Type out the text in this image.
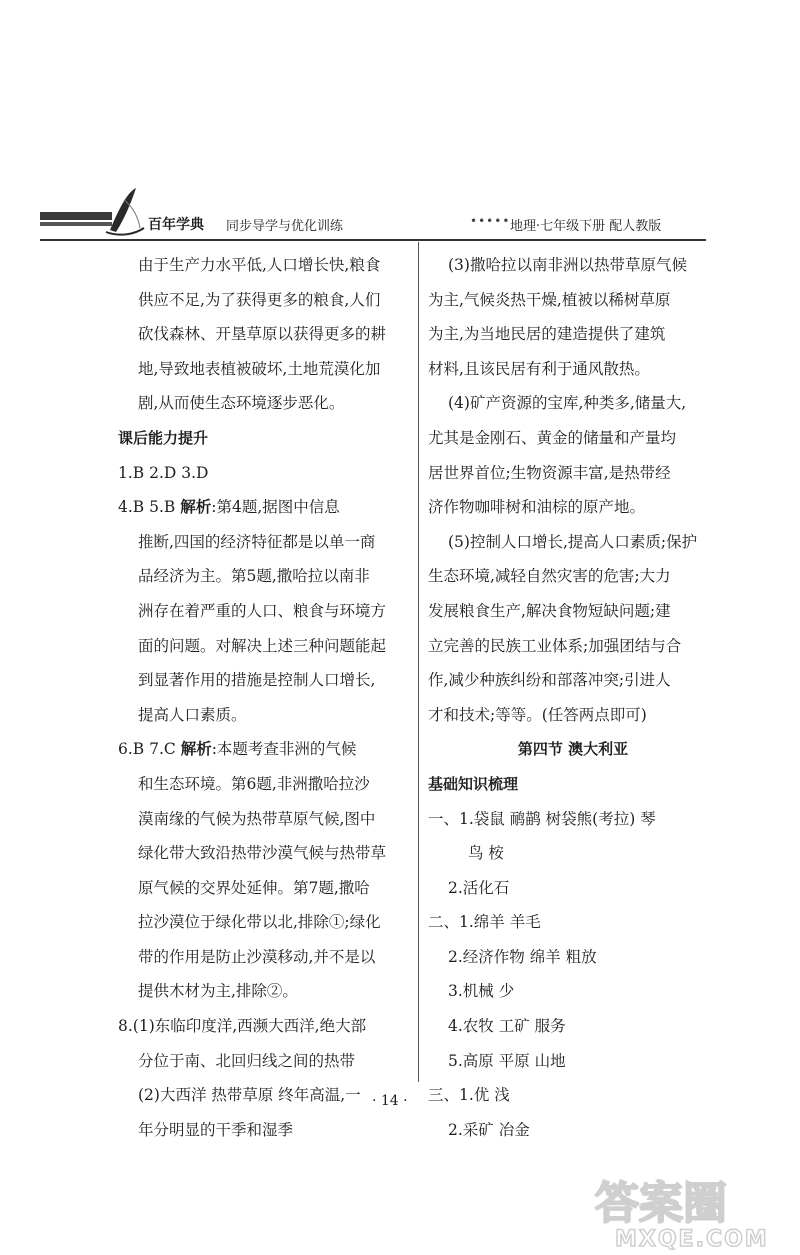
百年学典 同步导学与优化训练	••••• 地理·七年级下册 配人教版
由于生产力水平低,人口增长快,粮食
供应不足,为了获得更多的粮食,人们
砍伐森林、开垦草原以获得更多的耕
地,导致地表植被破坏,土地荒漠化加
剧,从而使生态环境逐步恶化。
课后能力提升
1.B 2.D 3.D
4.B 5.B 解析:第4题,据图中信息
推断,四国的经济特征都是以单一商
品经济为主。第5题,撒哈拉以南非
洲存在着严重的人口、粮食与环境方
面的问题。对解决上述三种问题能起
到显著作用的措施是控制人口增长,
提高人口素质。
6.B 7.C 解析:本题考查非洲的气候
和生态环境。第6题,非洲撒哈拉沙
漠南缘的气候为热带草原气候,图中
绿化带大致沿热带沙漠气候与热带草
原气候的交界处延伸。第7题,撒哈
拉沙漠位于绿化带以北,排除①;绿化
带的作用是防止沙漠移动,并不是以
提供木材为主,排除②。
8.(1)东临印度洋,西濒大西洋,绝大部
分位于南、北回归线之间的热带
(2)大西洋 热带草原 终年高温,一
年分明显的干季和湿季
(3)撒哈拉以南非洲以热带草原气候
为主,气候炎热干燥,植被以稀树草原
为主,为当地民居的建造提供了建筑
材料,且该民居有利于通风散热。
(4)矿产资源的宝库,种类多,储量大,
尤其是金刚石、黄金的储量和产量均
居世界首位;生物资源丰富,是热带经
济作物咖啡树和油棕的原产地。
(5)控制人口增长,提高人口素质;保护
生态环境,减轻自然灾害的危害;大力
发展粮食生产,解决食物短缺问题;建
立完善的民族工业体系;加强团结与合
作,减少种族纠纷和部落冲突;引进人
才和技术;等等。(任答两点即可)
第四节 澳大利亚
基础知识梳理
一、1.袋鼠 鸸鹋 树袋熊(考拉) 琴
鸟 桉
2.活化石
二、1.绵羊 羊毛
2.经济作物 绵羊 粗放
3.机械 少
4.农牧 工矿 服务
5.高原 平原 山地
三、1.优 浅
2.采矿 冶金
· 14 ·
答案圈
MXQE.COM
